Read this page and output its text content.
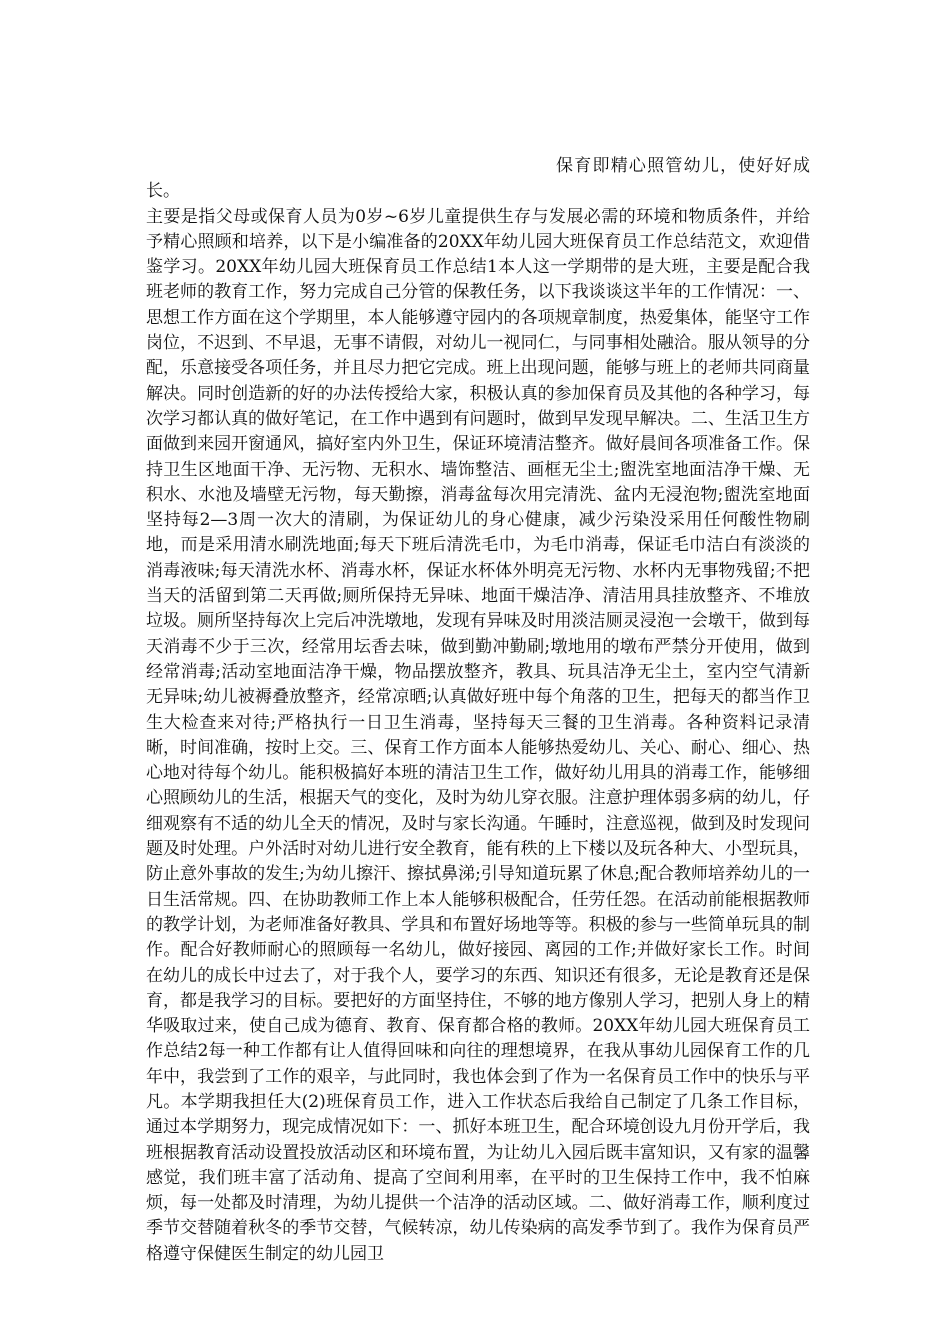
保育即精心照管幼儿，使好好成长。
主要是指父母或保育人员为0岁~6岁儿童提供生存与发展必需的环境和物质条件，并给予精心照顾和培养，以下是小编准备的20XX年幼儿园大班保育员工作总结范文，欢迎借鉴学习。20XX年幼儿园大班保育员工作总结1本人这一学期带的是大班，主要是配合我班老师的教育工作，努力完成自己分管的保教任务，以下我谈谈这半年的工作情况：一、思想工作方面在这个学期里，本人能够遵守园内的各项规章制度，热爱集体，能坚守工作岗位，不迟到、不早退，无事不请假，对幼儿一视同仁，与同事相处融洽。服从领导的分配，乐意接受各项任务，并且尽力把它完成。班上出现问题，能够与班上的老师共同商量解决。同时创造新的好的办法传授给大家，积极认真的参加保育员及其他的各种学习，每次学习都认真的做好笔记，在工作中遇到有问题时，做到早发现早解决。二、生活卫生方面做到来园开窗通风，搞好室内外卫生，保证环境清洁整齐。做好晨间各项准备工作。保持卫生区地面干净、无污物、无积水、墙饰整洁、画框无尘土;盥洗室地面洁净干燥、无积水、水池及墙壁无污物，每天勤擦，消毒盆每次用完清洗、盆内无浸泡物;盥洗室地面坚持每2—3周一次大的清刷，为保证幼儿的身心健康，减少污染没采用任何酸性物刷地，而是采用清水刷洗地面;每天下班后清洗毛巾，为毛巾消毒，保证毛巾洁白有淡淡的消毒液味;每天清洗水杯、消毒水杯，保证水杯体外明亮无污物、水杯内无事物残留;不把当天的活留到第二天再做;厕所保持无异味、地面干燥洁净、清洁用具挂放整齐、不堆放垃圾。厕所坚持每次上完后冲洗墩地，发现有异味及时用淡洁厕灵浸泡一会墩干，做到每天消毒不少于三次，经常用坛香去味，做到勤冲勤刷;墩地用的墩布严禁分开使用，做到经常消毒;活动室地面洁净干燥，物品摆放整齐，教具、玩具洁净无尘土，室内空气清新无异味;幼儿被褥叠放整齐，经常凉晒;认真做好班中每个角落的卫生，把每天的都当作卫生大检查来对待;严格执行一日卫生消毒，坚持每天三餐的卫生消毒。各种资料记录清晰，时间准确，按时上交。三、保育工作方面本人能够热爱幼儿、关心、耐心、细心、热心地对待每个幼儿。能积极搞好本班的清洁卫生工作，做好幼儿用具的消毒工作，能够细心照顾幼儿的生活，根据天气的变化，及时为幼儿穿衣服。注意护理体弱多病的幼儿，仔细观察有不适的幼儿全天的情况，及时与家长沟通。午睡时，注意巡视，做到及时发现问题及时处理。户外活时对幼儿进行安全教育，能有秩的上下楼以及玩各种大、小型玩具，防止意外事故的发生;为幼儿擦汗、擦拭鼻涕;引导知道玩累了休息;配合教师培养幼儿的一日生活常规。四、在协助教师工作上本人能够积极配合，任劳任怨。在活动前能根据教师的教学计划，为老师准备好教具、学具和布置好场地等等。积极的参与一些简单玩具的制作。配合好教师耐心的照顾每一名幼儿，做好接园、离园的工作;并做好家长工作。时间在幼儿的成长中过去了，对于我个人，要学习的东西、知识还有很多，无论是教育还是保育，都是我学习的目标。要把好的方面坚持住，不够的地方像别人学习，把别人身上的精华吸取过来，使自己成为德育、教育、保育都合格的教师。20XX年幼儿园大班保育员工作总结2每一种工作都有让人值得回味和向往的理想境界，在我从事幼儿园保育工作的几年中，我尝到了工作的艰辛，与此同时，我也体会到了作为一名保育员工作中的快乐与平凡。本学期我担任大(2)班保育员工作，进入工作状态后我给自己制定了几条工作目标，通过本学期努力，现完成情况如下：一、抓好本班卫生，配合环境创设九月份开学后，我班根据教育活动设置投放活动区和环境布置，为让幼儿入园后既丰富知识，又有家的温馨感觉，我们班丰富了活动角、提高了空间利用率，在平时的卫生保持工作中，我不怕麻烦，每一处都及时清理，为幼儿提供一个洁净的活动区域。二、做好消毒工作，顺利度过季节交替随着秋冬的季节交替，气候转凉，幼儿传染病的高发季节到了。我作为保育员严格遵守保健医生制定的幼儿园卫
